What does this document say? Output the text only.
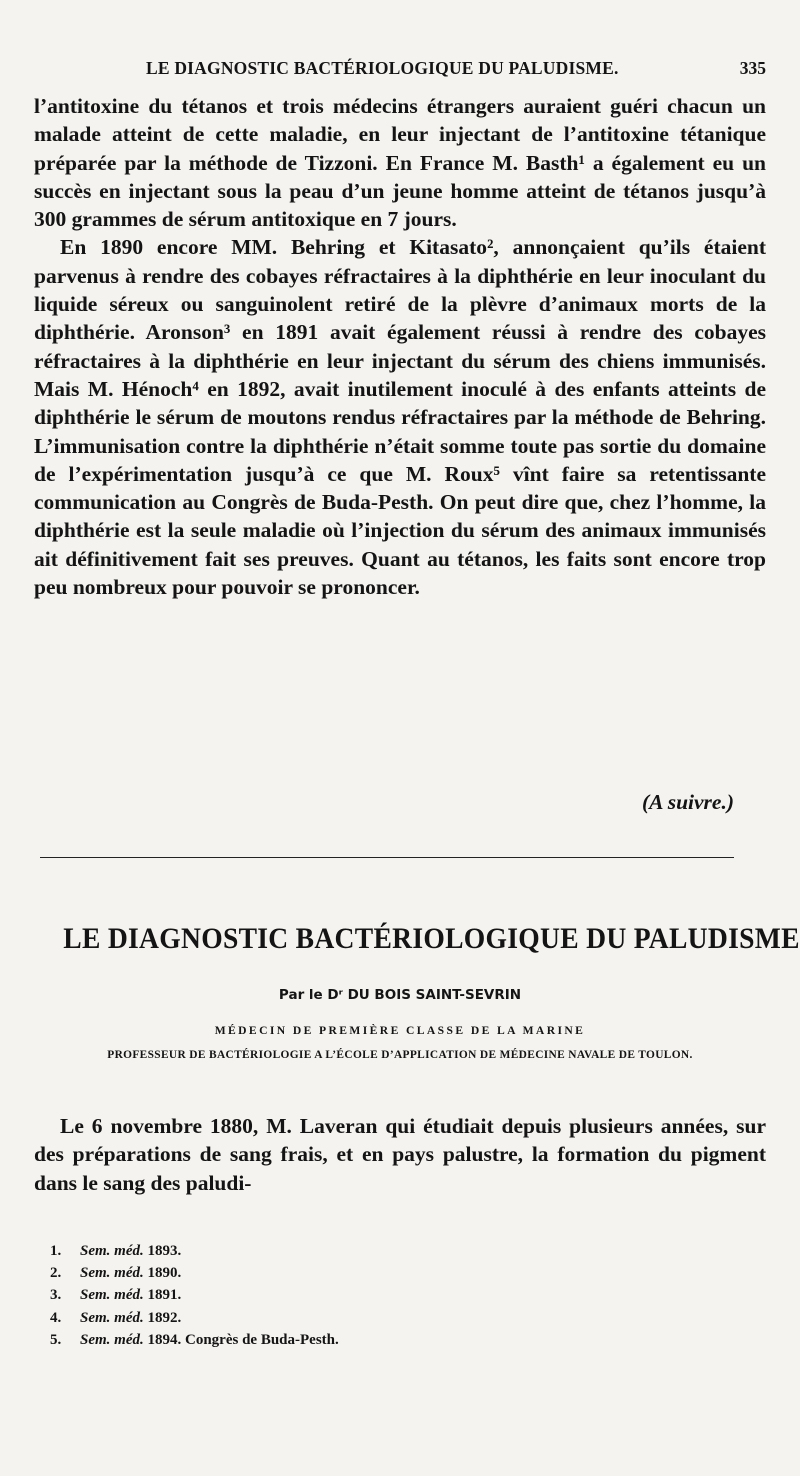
LE DIAGNOSTIC BACTÉRIOLOGIQUE DU PALUDISME.	335

l’antitoxine du tétanos et trois médecins étrangers auraient guéri chacun un malade atteint de cette maladie, en leur injectant de l’antitoxine tétanique préparée par la méthode de Tizzoni. En France M. Basth¹ a également eu un succès en injectant sous la peau d’un jeune homme atteint de tétanos jusqu’à 300 grammes de sérum antitoxique en 7 jours.

En 1890 encore MM. Behring et Kitasato², annonçaient qu’ils étaient parvenus à rendre des cobayes réfractaires à la diphthérie en leur inoculant du liquide séreux ou sanguinolent retiré de la plèvre d’animaux morts de la diphthérie. Aronson³ en 1891 avait également réussi à rendre des cobayes réfractaires à la diphthérie en leur injectant du sérum des chiens immunisés. Mais M. Hénoch⁴ en 1892, avait inutilement inoculé à des enfants atteints de diphthérie le sérum de moutons rendus réfractaires par la méthode de Behring. L’immunisation contre la diphthérie n’était somme toute pas sortie du domaine de l’expérimentation jusqu’à ce que M. Roux⁵ vînt faire sa retentissante communication au Congrès de Buda-Pesth. On peut dire que, chez l’homme, la diphthérie est la seule maladie où l’injection du sérum des animaux immunisés ait définitivement fait ses preuves. Quant au tétanos, les faits sont encore trop peu nombreux pour pouvoir se prononcer.

(A suivre.)
LE DIAGNOSTIC BACTÉRIOLOGIQUE DU PALUDISME
Par le Dʳ DU BOIS SAINT-SEVRIN
MÉDECIN DE PREMIÈRE CLASSE DE LA MARINE
PROFESSEUR DE BACTÉRIOLOGIE A L’ÉCOLE D’APPLICATION DE MÉDECINE NAVALE DE TOULON.

Le 6 novembre 1880, M. Laveran qui étudiait depuis plusieurs années, sur des préparations de sang frais, et en pays palustre, la formation du pigment dans le sang des paludi-

1. Sem. méd. 1893.
2. Sem. méd. 1890.
3. Sem. méd. 1891.
4. Sem. méd. 1892.
5. Sem. méd. 1894. Congrès de Buda-Pesth.
